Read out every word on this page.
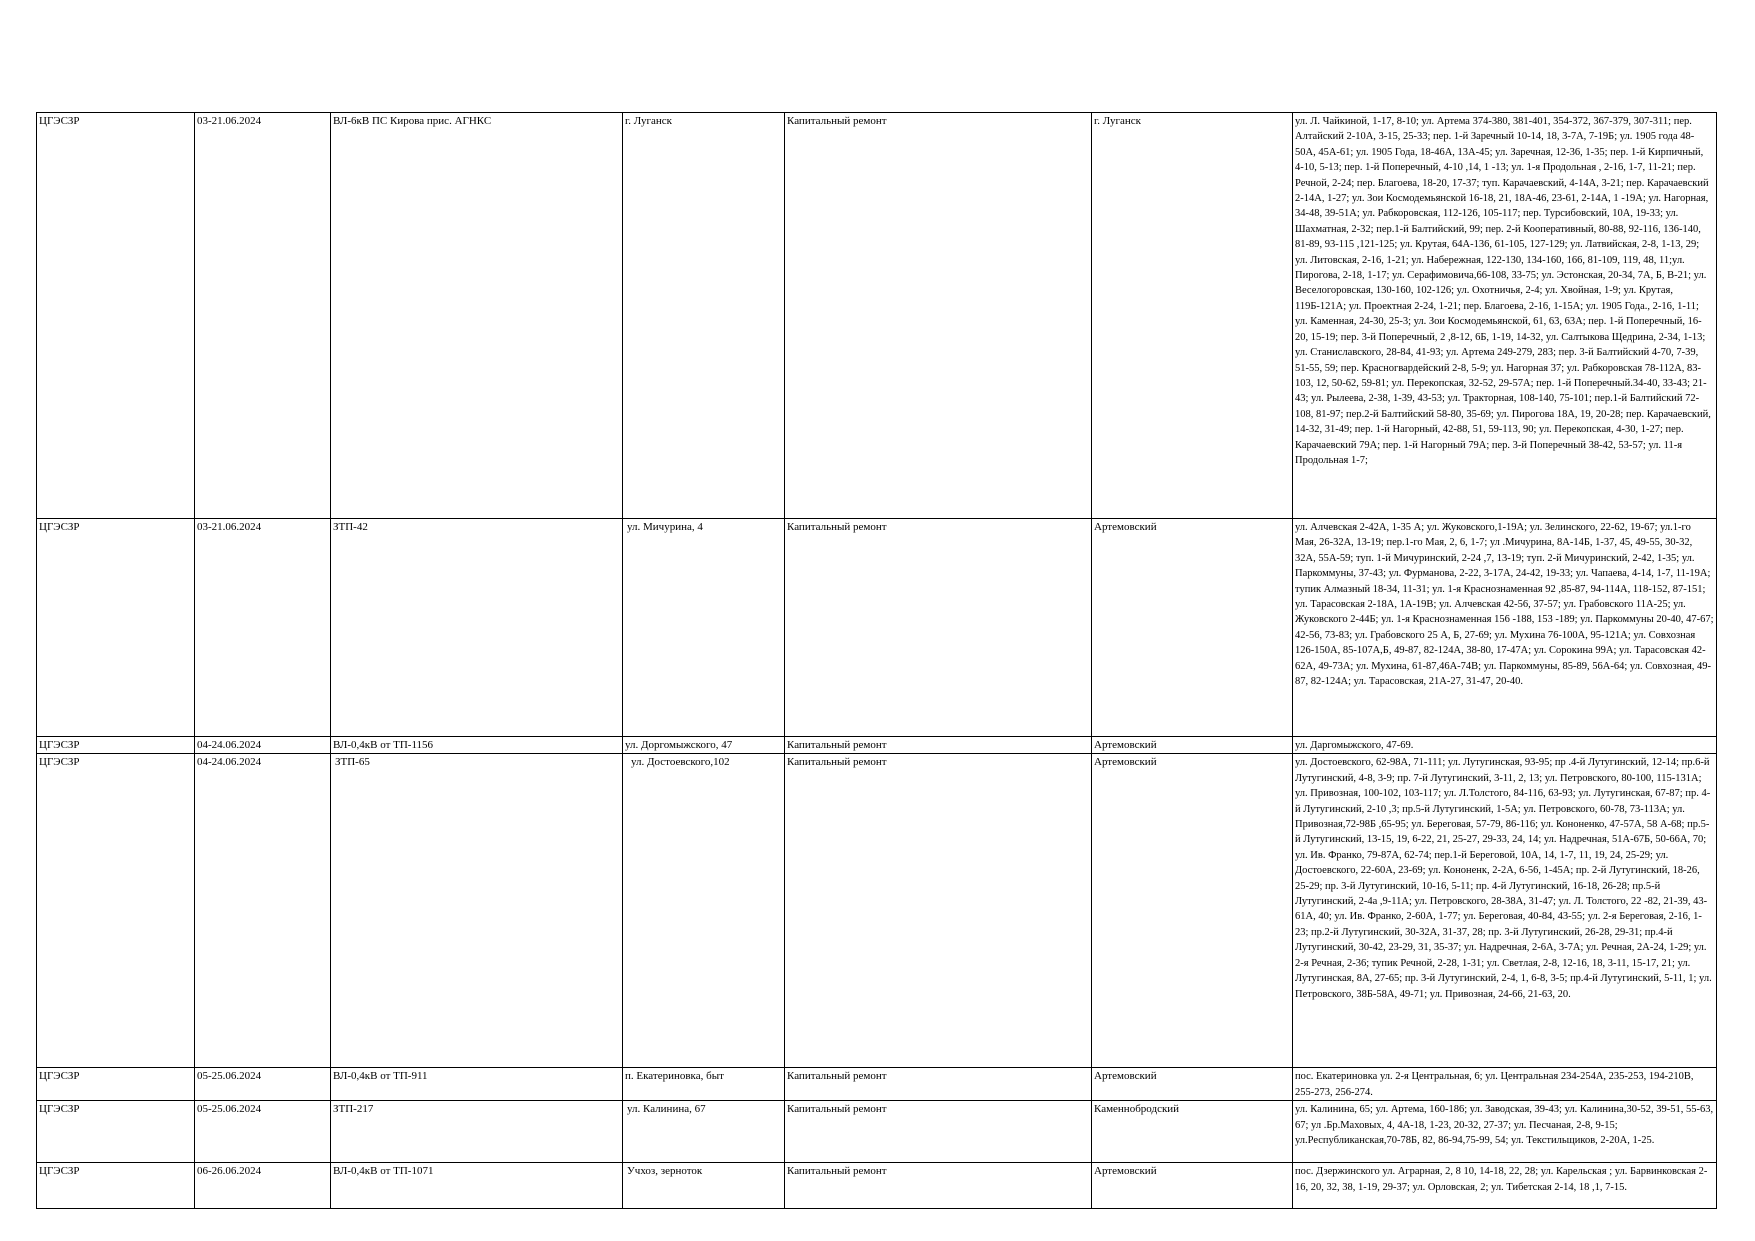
ЦГЭСЗР	03-21.06.2024	ВЛ-6кВ ПС Кирова прис. АГНКС	г. Луганск	Капитальный ремонт	г. Луганск	ул. Л. Чайкиной, 1-17, 8-10; ул. Артема 374-380, 381-401, 354-372, 367-379, 307-311; пер. Алтайский 2-10А, 3-15, 25-33; пер. 1-й Заречный 10-14, 18, 3-7А, 7-19Б; ул. 1905 года 48-50А, 45А-61; ул. 1905 Года, 18-46А, 13А-45; ул. Заречная, 12-36, 1-35; пер. 1-й Кирпичный, 4-10, 5-13; пер. 1-й Поперечный, 4-10 ,14, 1 -13; ул. 1-я Продольная , 2-16, 1-7, 11-21; пер. Речной, 2-24; пер. Благоева, 18-20, 17-37; туп. Карачаевский, 4-14А, 3-21; пер. Карачаевский 2-14А, 1-27; ул. Зои Космодемьянской 16-18, 21, 18А-46, 23-61, 2-14А, 1 -19А; ул. Нагорная, 34-48, 39-51А; ул. Рабкоровская, 112-126, 105-117; пер. Турсибовский, 10А, 19-33; ул. Шахматная, 2-32; пер.1-й Балтийский, 99; пер. 2-й Кооперативный, 80-88, 92-116, 136-140, 81-89, 93-115 ,121-125; ул. Крутая, 64А-136, 61-105, 127-129; ул. Латвийская, 2-8, 1-13, 29; ул. Литовская, 2-16, 1-21; ул. Набережная, 122-130, 134-160, 166, 81-109, 119, 48, 11;ул. Пирогова, 2-18, 1-17; ул. Серафимовича,66-108, 33-75; ул. Эстонская, 20-34, 7А, Б, В-21; ул. Веселогоровская, 130-160, 102-126; ул. Охотничья, 2-4; ул. Хвойная, 1-9; ул. Крутая, 119Б-121А; ул. Проектная 2-24, 1-21; пер. Благоева, 2-16, 1-15А; ул. 1905 Года., 2-16, 1-11; ул. Каменная, 24-30, 25-3; ул. Зои Космодемьянской, 61, 63, 63А; пер. 1-й Поперечный, 16-20, 15-19; пер. 3-й Поперечный, 2 ,8-12, 6Б, 1-19, 14-32, ул. Салтыкова Щедрина, 2-34, 1-13; ул. Станиславского, 28-84, 41-93; ул. Артема 249-279, 283; пер. 3-й Балтийский 4-70, 7-39, 51-55, 59; пер. Красногвардейский 2-8, 5-9; ул. Нагорная 37; ул. Рабкоровская 78-112А, 83-103, 12, 50-62, 59-81; ул. Перекопская, 32-52, 29-57А; пер. 1-й Поперечный.34-40, 33-43; 21-43; ул. Рылеева, 2-38, 1-39, 43-53; ул. Тракторная, 108-140, 75-101; пер.1-й Балтийский 72-108, 81-97; пер.2-й Балтийский 58-80, 35-69; ул. Пирогова 18А, 19, 20-28; пер. Карачаевский, 14-32, 31-49; пер. 1-й Нагорный, 42-88, 51, 59-113, 90; ул. Перекопская, 4-30, 1-27; пер. Карачаевский 79А; пер. 1-й Нагорный 79А; пер. 3-й Поперечный 38-42, 53-57; ул. 11-я Продольная 1-7;
ЦГЭСЗР	03-21.06.2024	ЗТП-42	ул. Мичурина, 4	Капитальный ремонт	Артемовский	ул. Алчевская 2-42А, 1-35 А; ул. Жуковского,1-19А; ул. Зелинского, 22-62, 19-67; ул.1-го Мая, 26-32А, 13-19; пер.1-го Мая, 2, 6, 1-7; ул .Мичурина, 8А-14Б, 1-37, 45, 49-55, 30-32, 32А, 55А-59; туп. 1-й Мичуринский, 2-24 ,7, 13-19; туп. 2-й Мичуринский, 2-42, 1-35; ул. Паркоммуны, 37-43; ул. Фурманова, 2-22, 3-17А, 24-42, 19-33; ул. Чапаева, 4-14, 1-7, 11-19А; тупик Алмазный 18-34, 11-31; ул. 1-я Краснознаменная 92 ,85-87, 94-114А, 118-152, 87-151; ул. Тарасовская 2-18А, 1А-19В; ул. Алчевская 42-56, 37-57; ул. Грабовского 11А-25; ул. Жуковского 2-44Б; ул. 1-я Краснознаменная 156 -188, 153 -189; ул. Паркоммуны 20-40, 47-67; 42-56, 73-83; ул. Грабовского 25 А, Б, 27-69; ул. Мухина 76-100А, 95-121А; ул. Совхозная 126-150А, 85-107А,Б, 49-87, 82-124А, 38-80, 17-47А; ул. Сорокина 99А; ул. Тарасовская 42-62А, 49-73А; ул. Мухина, 61-87,46А-74В; ул. Паркоммуны, 85-89, 56А-64; ул. Совхозная, 49-87, 82-124А; ул. Тарасовская, 21А-27, 31-47, 20-40.
ЦГЭСЗР	04-24.06.2024	ВЛ-0,4кВ от ТП-1156	ул. Доргомыжского, 47	Капитальный ремонт	Артемовский	ул. Даргомыжского, 47-69.
ЦГЭСЗР	04-24.06.2024	ЗТП-65	ул. Достоевского,102	Капитальный ремонт	Артемовский	ул. Достоевского, 62-98А, 71-111; ул. Лутугинская, 93-95; пр .4-й Лутугинский, 12-14; пр.6-й Лутугинский, 4-8, 3-9; пр. 7-й Лутугинский, 3-11, 2, 13; ул. Петровского, 80-100, 115-131А; ул. Привозная, 100-102, 103-117; ул. Л.Толстого, 84-116, 63-93; ул. Лутугинская, 67-87; пр. 4-й Лутугинский, 2-10 ,3; пр.5-й Лутугинский, 1-5А; ул. Петровского, 60-78, 73-113А; ул. Привозная,72-98Б ,65-95; ул. Береговая, 57-79, 86-116; ул. Кононенко, 47-57А, 58 А-68; пр.5-й Лутугинский, 13-15, 19, 6-22, 21, 25-27, 29-33, 24, 14; ул. Надречная, 51А-67Б, 50-66А, 70; ул. Ив. Франко, 79-87А, 62-74; пер.1-й Береговой, 10А, 14, 1-7, 11, 19, 24, 25-29; ул. Достоевского, 22-60А, 23-69; ул. Кононенк, 2-2А, 6-56, 1-45А; пр. 2-й Лутугинский, 18-26, 25-29; пр. 3-й Лутугинский, 10-16, 5-11; пр. 4-й Лутугинский, 16-18, 26-28; пр.5-й Лутугинский, 2-4а ,9-11А; ул. Петровского, 28-38А, 31-47; ул. Л. Толстого, 22 -82, 21-39, 43-61А, 40; ул. Ив. Франко, 2-60А, 1-77; ул. Береговая, 40-84, 43-55; ул. 2-я Береговая, 2-16, 1-23; пр.2-й Лутугинский, 30-32А, 31-37, 28; пр. 3-й Лутугинский, 26-28, 29-31; пр.4-й Лутугинский, 30-42, 23-29, 31, 35-37; ул. Надречная, 2-6А, 3-7А; ул. Речная, 2А-24, 1-29; ул. 2-я Речная, 2-36; тупик Речной, 2-28, 1-31; ул. Светлая, 2-8, 12-16, 18, 3-11, 15-17, 21; ул. Лутугинская, 8А, 27-65; пр. 3-й Лутугинский, 2-4, 1, 6-8, 3-5; пр.4-й Лутугинский, 5-11, 1; ул. Петровского, 38Б-58А, 49-71; ул. Привозная, 24-66, 21-63, 20.
ЦГЭСЗР	05-25.06.2024	ВЛ-0,4кВ от ТП-911	п. Екатериновка, быт	Капитальный ремонт	Артемовский	пос. Екатериновка ул. 2-я Центральная, 6; ул. Центральная 234-254А, 235-253, 194-210В, 255-273, 256-274.
ЦГЭСЗР	05-25.06.2024	ЗТП-217	ул. Калинина, 67	Капитальный ремонт	Каменнобродский	ул. Калинина, 65; ул. Артема, 160-186; ул. Заводская, 39-43; ул. Калинина,30-52, 39-51, 55-63, 67; ул .Бр.Маховых, 4, 4А-18, 1-23, 20-32, 27-37; ул. Песчаная, 2-8, 9-15; ул.Республиканская,70-78Б, 82, 86-94,75-99, 54; ул. Текстильщиков, 2-20А, 1-25.
ЦГЭСЗР	06-26.06.2024	ВЛ-0,4кВ от ТП-1071	Учхоз, зерноток	Капитальный ремонт	Артемовский	пос. Дзержинского ул. Аграрная, 2, 8 10, 14-18, 22, 28; ул. Карельская ; ул. Барвинковская 2-16, 20, 32, 38, 1-19, 29-37; ул. Орловская, 2; ул. Тибетская 2-14, 18 ,1, 7-15.
